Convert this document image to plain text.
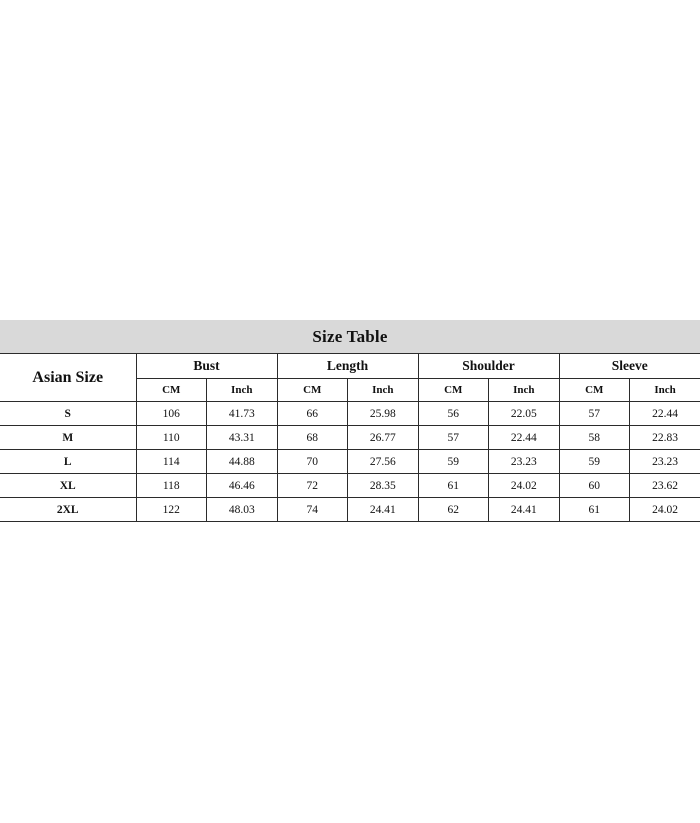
Size Table
Asian Size	Bust		Length		Shoulder		Sleeve	
	CM	Inch	CM	Inch	CM	Inch	CM	Inch
S	106	41.73	66	25.98	56	22.05	57	22.44
M	110	43.31	68	26.77	57	22.44	58	22.83
L	114	44.88	70	27.56	59	23.23	59	23.23
XL	118	46.46	72	28.35	61	24.02	60	23.62
2XL	122	48.03	74	24.41	62	24.41	61	24.02
